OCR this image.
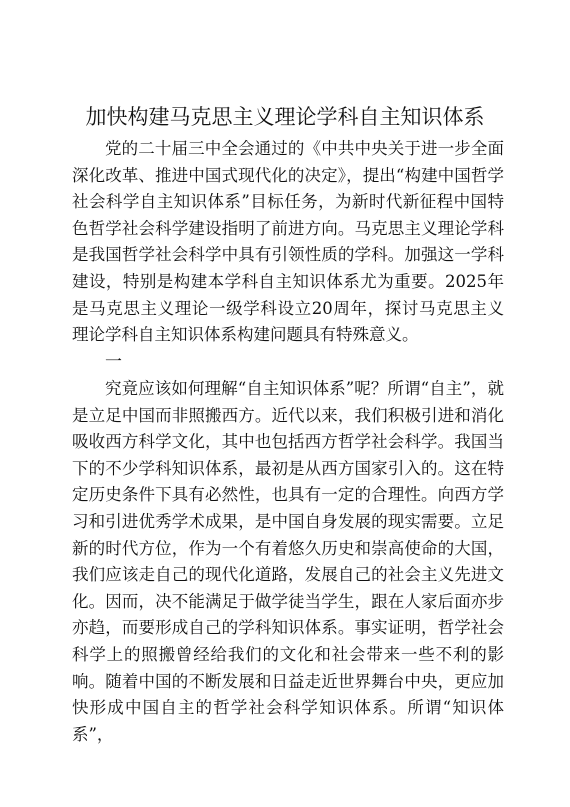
加快构建马克思主义理论学科自主知识体系

党的二十届三中全会通过的《中共中央关于进一步全面深化改革、推进中国式现代化的决定》，提出“构建中国哲学社会科学自主知识体系”目标任务，为新时代新征程中国特色哲学社会科学建设指明了前进方向。马克思主义理论学科是我国哲学社会科学中具有引领性质的学科。加强这一学科建设，特别是构建本学科自主知识体系尤为重要。2025年是马克思主义理论一级学科设立20周年，探讨马克思主义理论学科自主知识体系构建问题具有特殊意义。

一

究竟应该如何理解“自主知识体系”呢？所谓“自主”，就是立足中国而非照搬西方。近代以来，我们积极引进和消化吸收西方科学文化，其中也包括西方哲学社会科学。我国当下的不少学科知识体系，最初是从西方国家引入的。这在特定历史条件下具有必然性，也具有一定的合理性。向西方学习和引进优秀学术成果，是中国自身发展的现实需要。立足新的时代方位，作为一个有着悠久历史和崇高使命的大国，我们应该走自己的现代化道路，发展自己的社会主义先进文化。因而，决不能满足于做学徒当学生，跟在人家后面亦步亦趋，而要形成自己的学科知识体系。事实证明，哲学社会科学上的照搬曾经给我们的文化和社会带来一些不利的影响。随着中国的不断发展和日益走近世界舞台中央，更应加快形成中国自主的哲学社会科学知识体系。所谓“知识体系”，
